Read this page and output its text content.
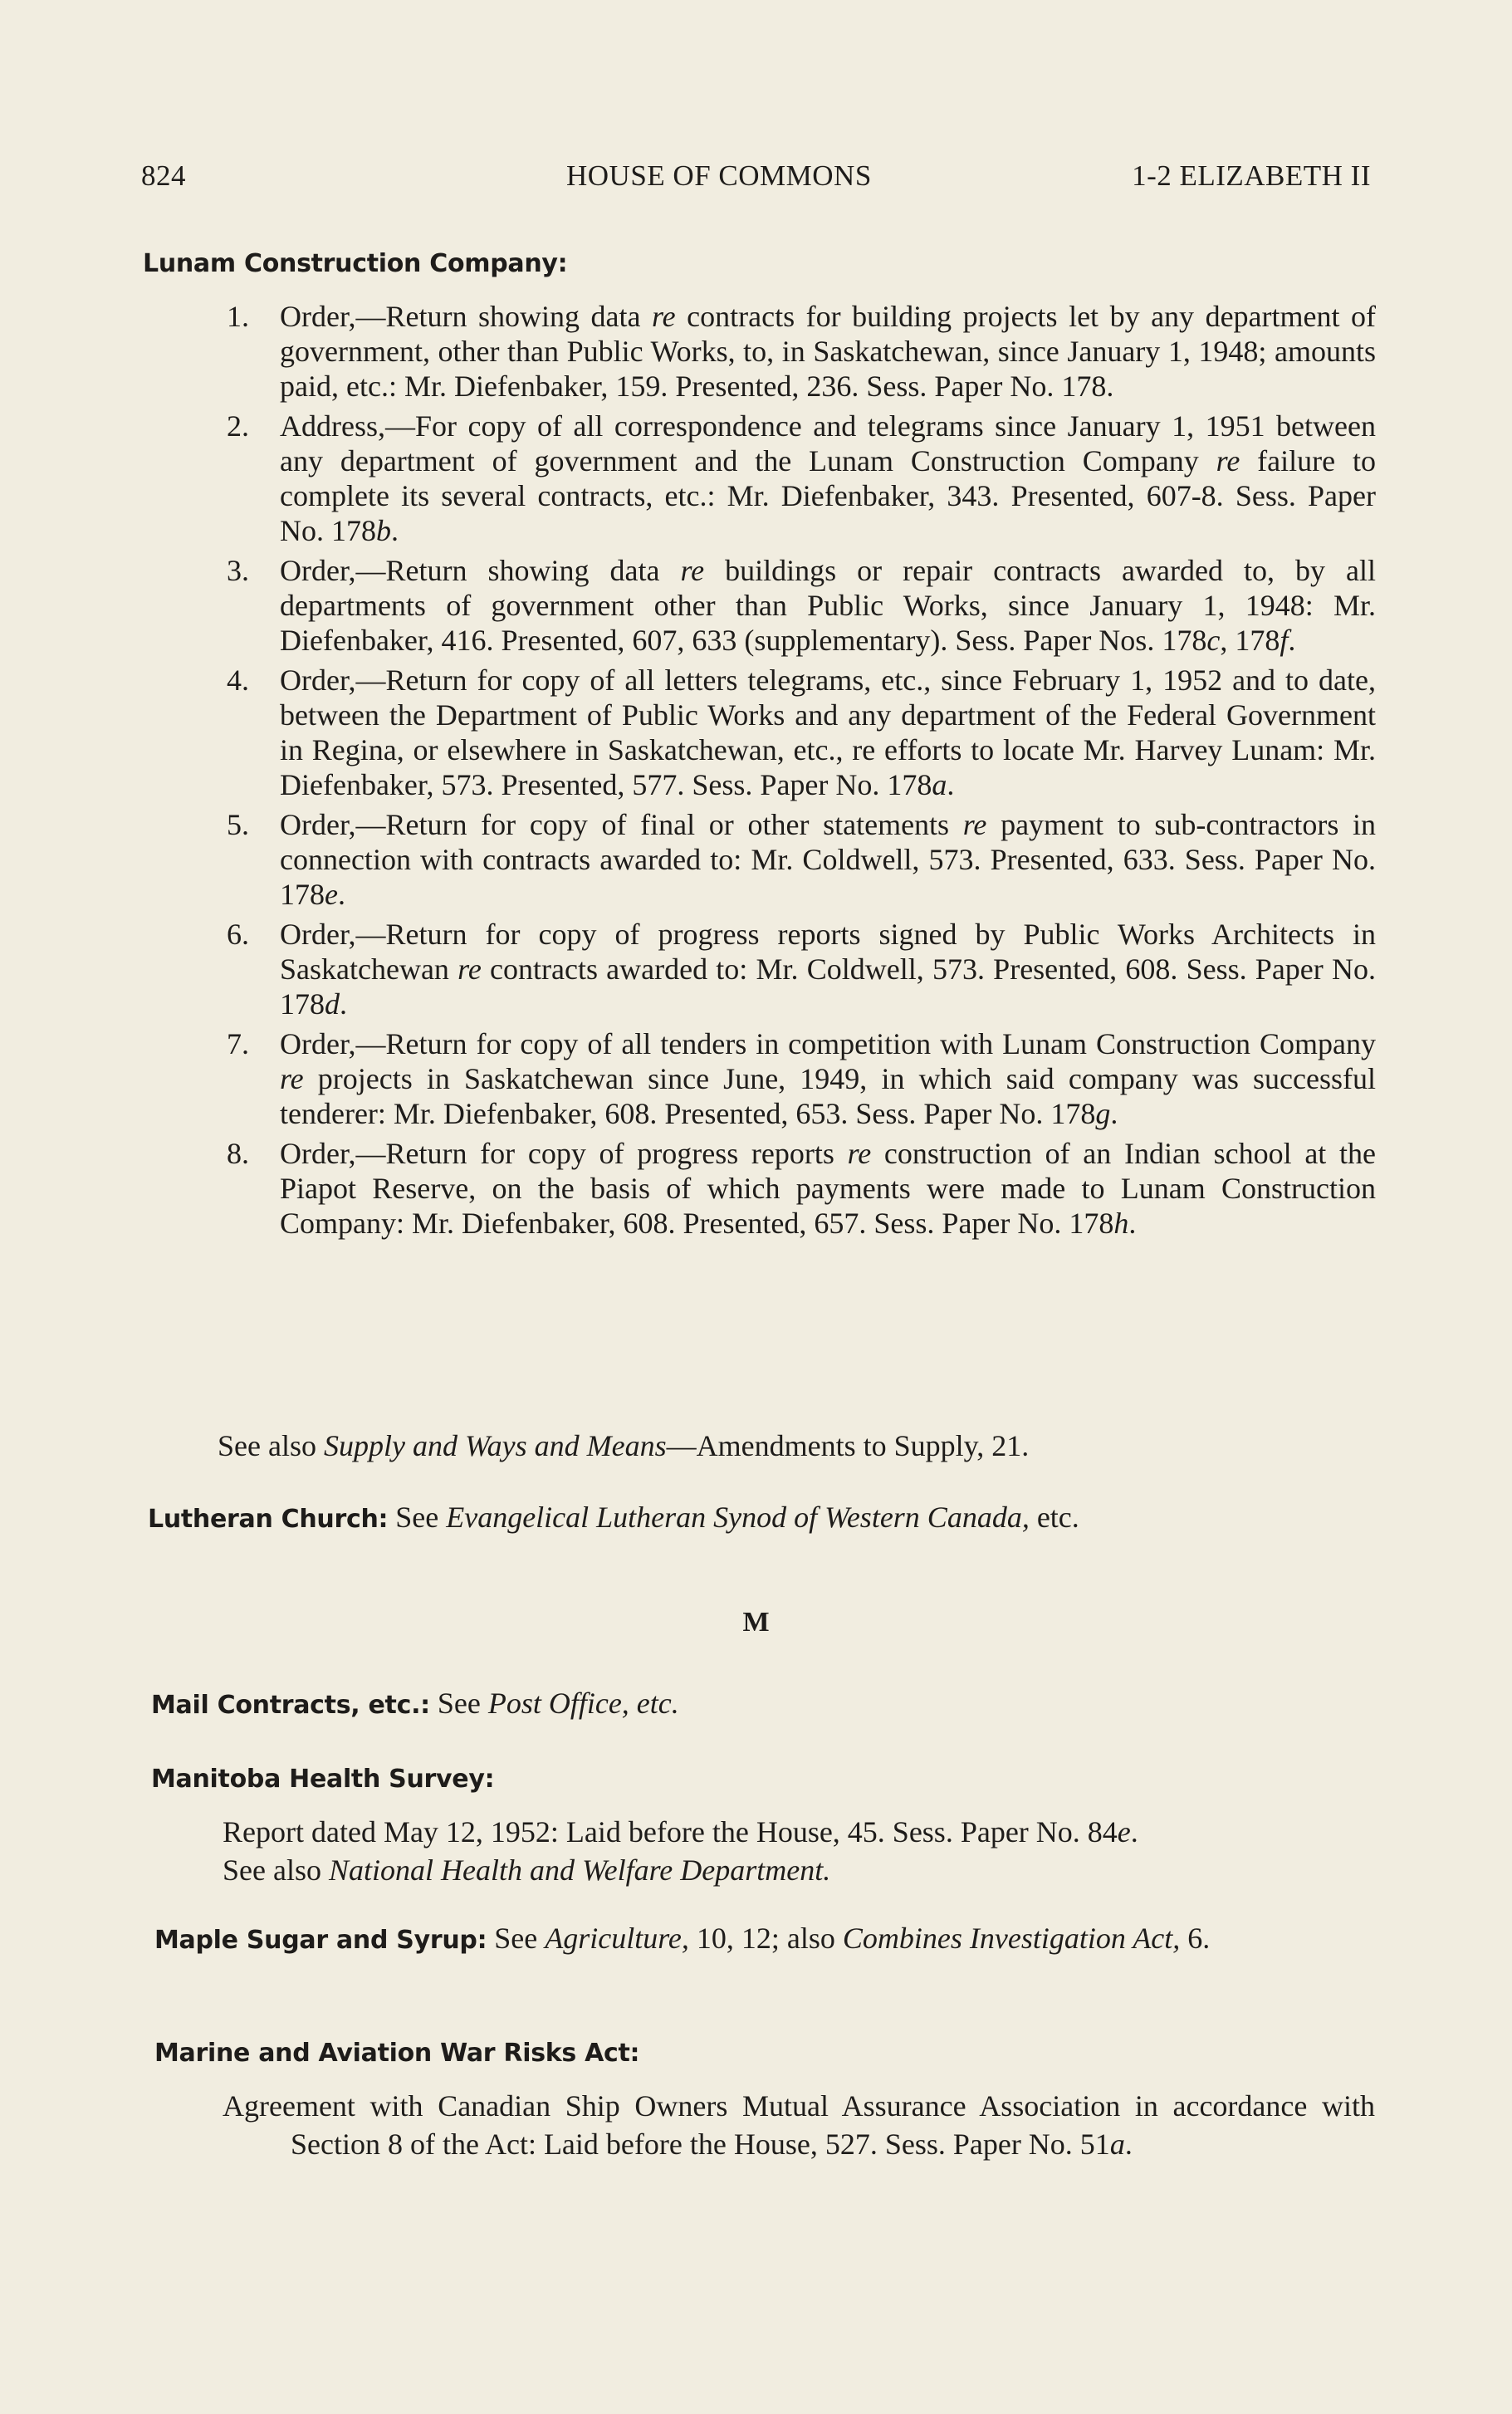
824	HOUSE OF COMMONS	1-2 ELIZABETH II
Lunam Construction Company:
1. Order,—Return showing data re contracts for building projects let by any department of government, other than Public Works, to, in Saskatchewan, since January 1, 1948; amounts paid, etc.: Mr. Diefenbaker, 159. Presented, 236. Sess. Paper No. 178.
2. Address,—For copy of all correspondence and telegrams since January 1, 1951 between any department of government and the Lunam Construction Company re failure to complete its several contracts, etc.: Mr. Diefenbaker, 343. Presented, 607-8. Sess. Paper No. 178b.
3. Order,—Return showing data re buildings or repair contracts awarded to, by all departments of government other than Public Works, since January 1, 1948: Mr. Diefenbaker, 416. Presented, 607, 633 (supplementary). Sess. Paper Nos. 178c, 178f.
4. Order,—Return for copy of all letters telegrams, etc., since February 1, 1952 and to date, between the Department of Public Works and any department of the Federal Government in Regina, or elsewhere in Saskatchewan, etc., re efforts to locate Mr. Harvey Lunam: Mr. Diefenbaker, 573. Presented, 577. Sess. Paper No. 178a.
5. Order,—Return for copy of final or other statements re payment to sub-contractors in connection with contracts awarded to: Mr. Coldwell, 573. Presented, 633. Sess. Paper No. 178e.
6. Order,—Return for copy of progress reports signed by Public Works Architects in Saskatchewan re contracts awarded to: Mr. Coldwell, 573. Presented, 608. Sess. Paper No. 178d.
7. Order,—Return for copy of all tenders in competition with Lunam Construction Company re projects in Saskatchewan since June, 1949, in which said company was successful tenderer: Mr. Diefenbaker, 608. Presented, 653. Sess. Paper No. 178g.
8. Order,—Return for copy of progress reports re construction of an Indian school at the Piapot Reserve, on the basis of which payments were made to Lunam Construction Company: Mr. Diefenbaker, 608. Presented, 657. Sess. Paper No. 178h.
See also Supply and Ways and Means—Amendments to Supply, 21.
Lutheran Church: See Evangelical Lutheran Synod of Western Canada, etc.
M
Mail Contracts, etc.: See Post Office, etc.
Manitoba Health Survey:
Report dated May 12, 1952: Laid before the House, 45. Sess. Paper No. 84e.
See also National Health and Welfare Department.
Maple Sugar and Syrup: See Agriculture, 10, 12; also Combines Investigation Act, 6.
Marine and Aviation War Risks Act:
Agreement with Canadian Ship Owners Mutual Assurance Association in accordance with Section 8 of the Act: Laid before the House, 527. Sess. Paper No. 51a.
